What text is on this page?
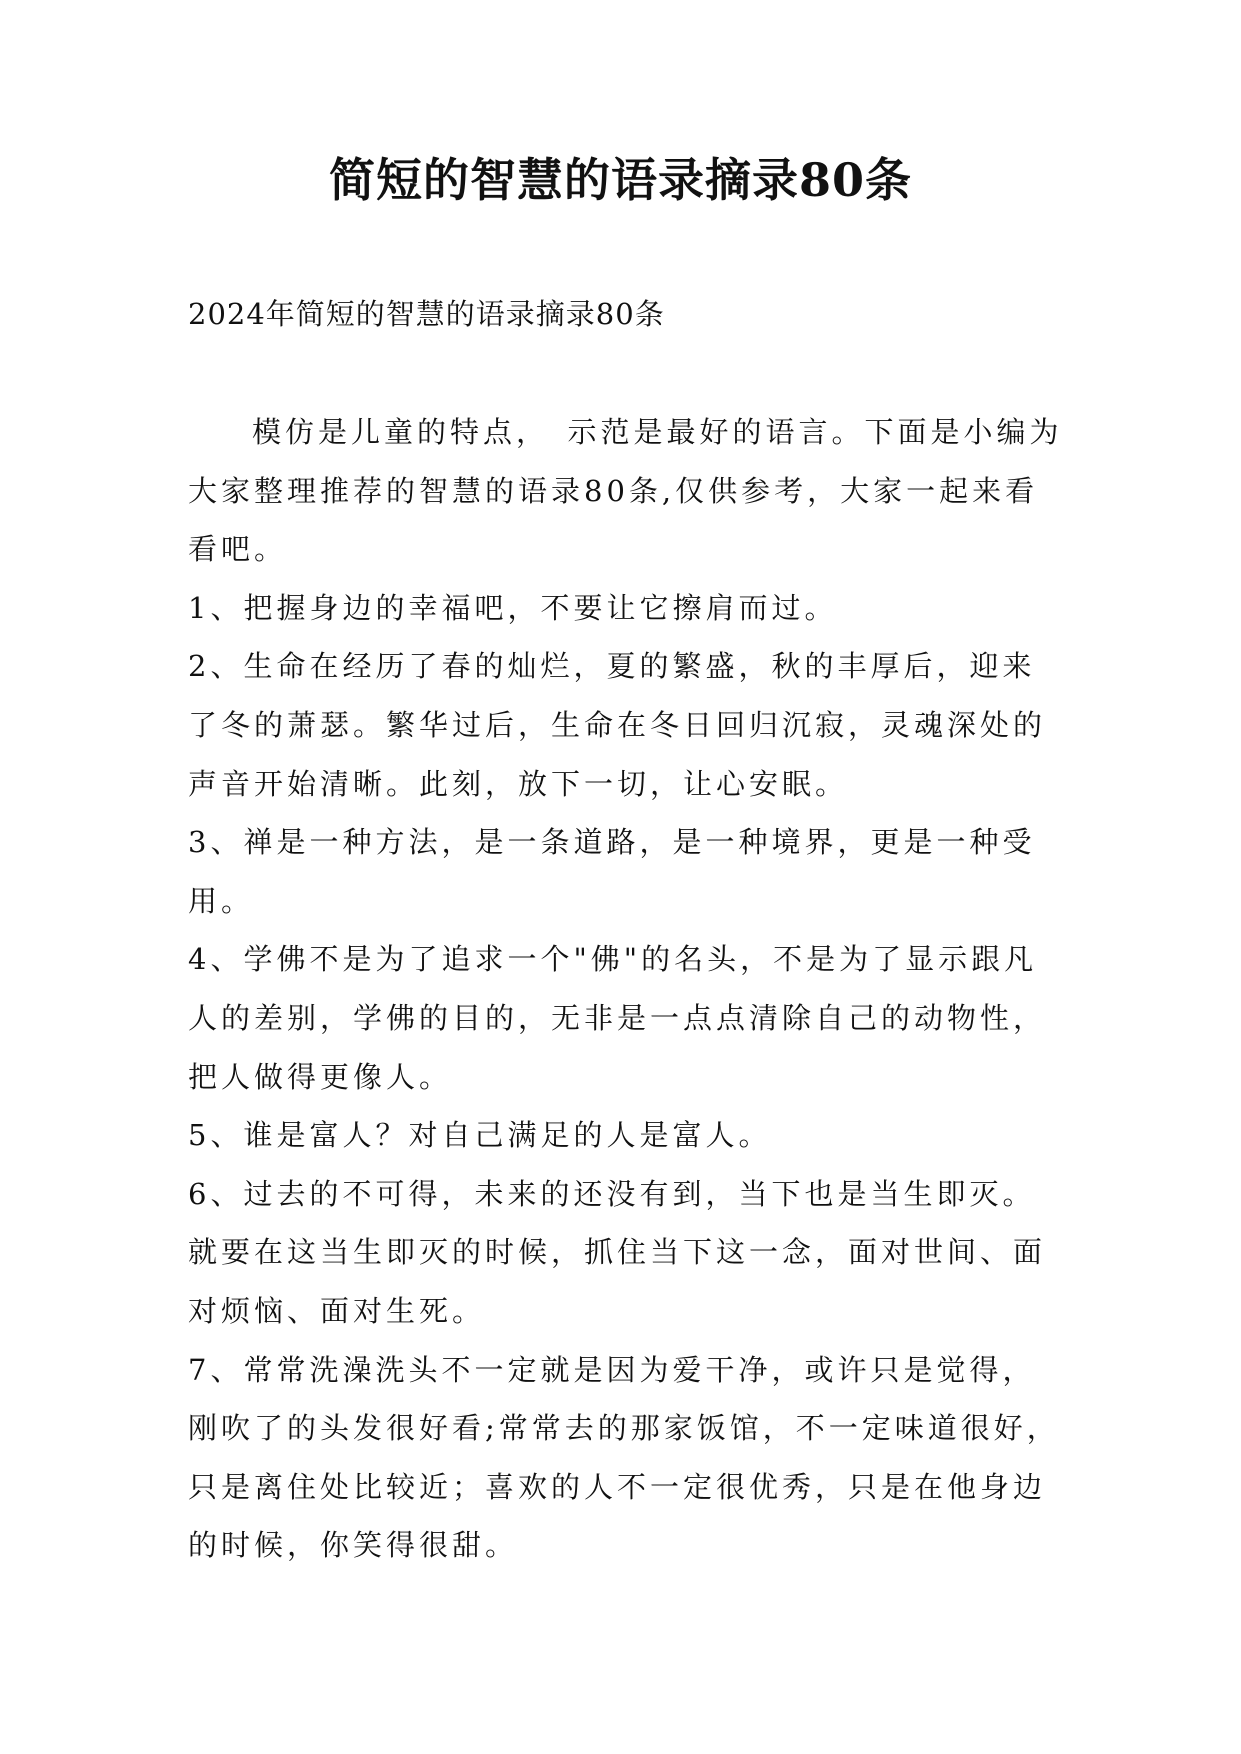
简短的智慧的语录摘录80条

2024年简短的智慧的语录摘录80条

模仿是儿童的特点，　示范是最好的语言。下面是小编为大家整理推荐的智慧的语录80条,仅供参考，大家一起来看看吧。

1、把握身边的幸福吧，不要让它擦肩而过。

2、生命在经历了春的灿烂，夏的繁盛，秋的丰厚后，迎来了冬的萧瑟。繁华过后，生命在冬日回归沉寂，灵魂深处的声音开始清晰。此刻，放下一切，让心安眠。

3、禅是一种方法，是一条道路，是一种境界，更是一种受用。

4、学佛不是为了追求一个"佛"的名头，不是为了显示跟凡人的差别，学佛的目的，无非是一点点清除自己的动物性，把人做得更像人。

5、谁是富人？对自己满足的人是富人。

6、过去的不可得，未来的还没有到，当下也是当生即灭。就要在这当生即灭的时候，抓住当下这一念，面对世间、面对烦恼、面对生死。

7、常常洗澡洗头不一定就是因为爱干净，或许只是觉得，刚吹了的头发很好看;常常去的那家饭馆，不一定味道很好，只是离住处比较近；喜欢的人不一定很优秀，只是在他身边的时候，你笑得很甜。
